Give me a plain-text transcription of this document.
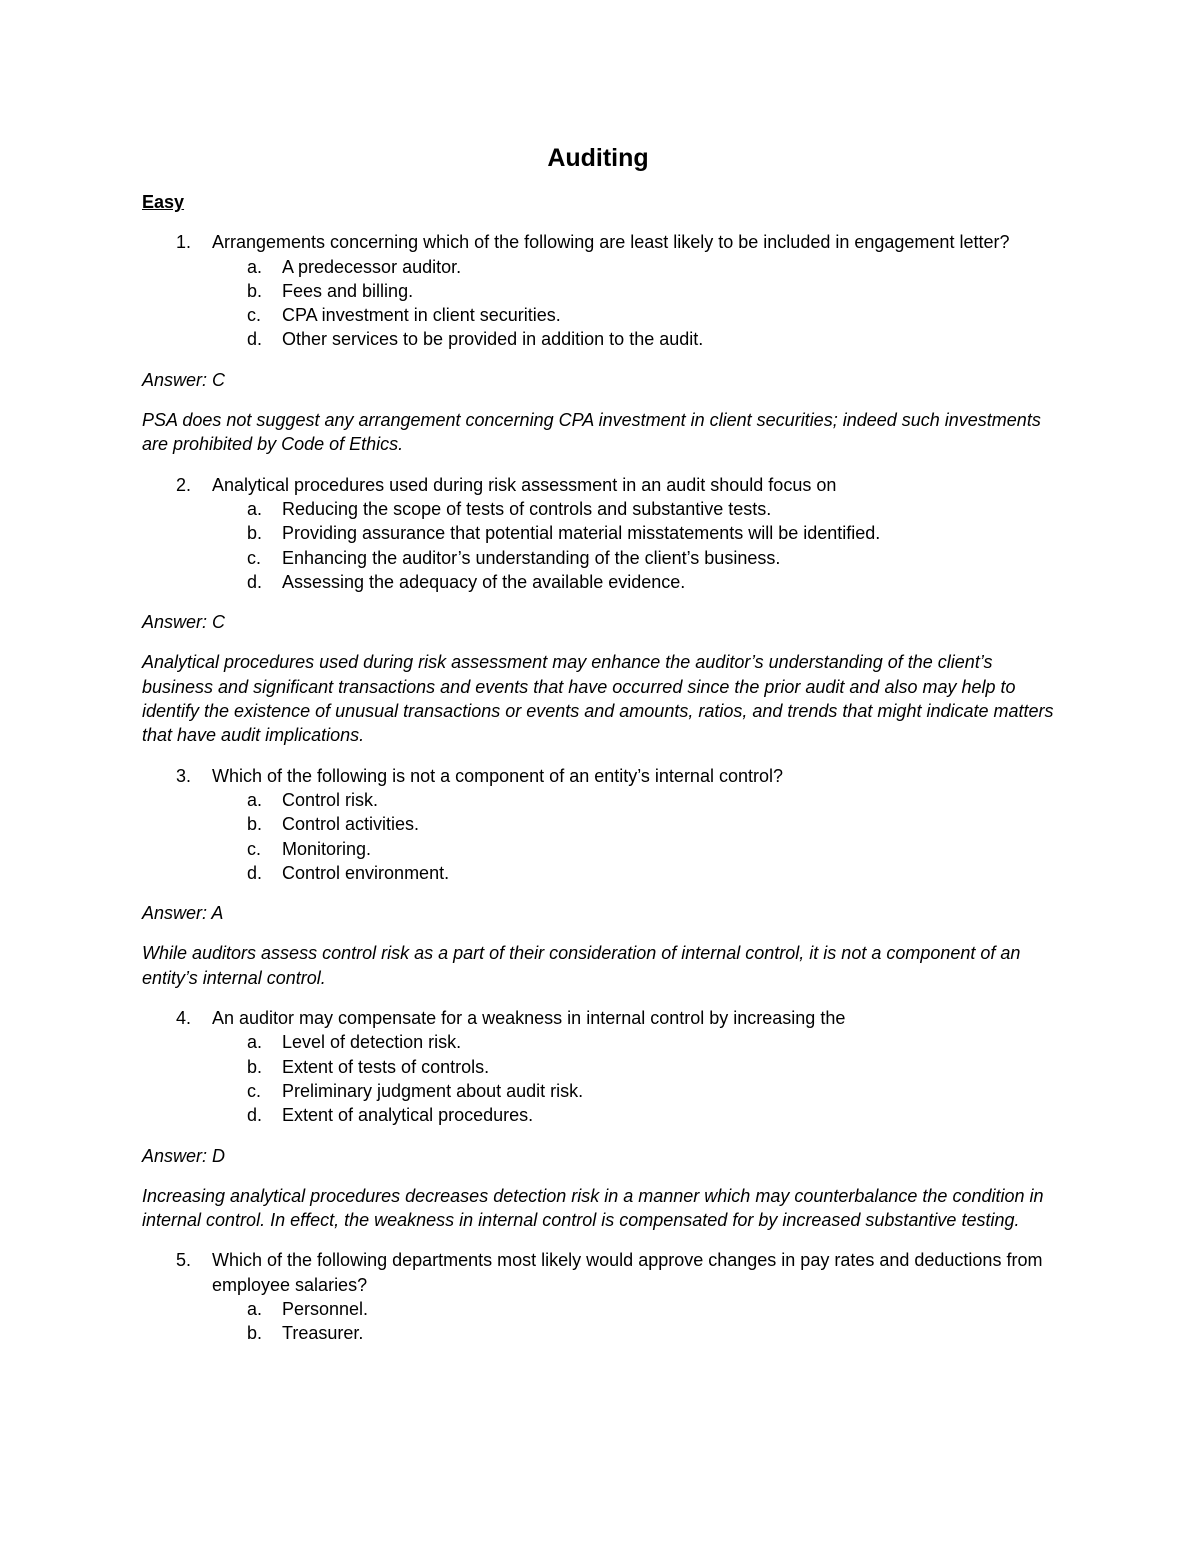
Auditing
Easy
1. Arrangements concerning which of the following are least likely to be included in engagement letter?
a. A predecessor auditor.
b. Fees and billing.
c. CPA investment in client securities.
d. Other services to be provided in addition to the audit.
Answer: C
PSA does not suggest any arrangement concerning CPA investment in client securities; indeed such investments are prohibited by Code of Ethics.
2. Analytical procedures used during risk assessment in an audit should focus on
a. Reducing the scope of tests of controls and substantive tests.
b. Providing assurance that potential material misstatements will be identified.
c. Enhancing the auditor’s understanding of the client’s business.
d. Assessing the adequacy of the available evidence.
Answer: C
Analytical procedures used during risk assessment may enhance the auditor’s understanding of the client’s business and significant transactions and events that have occurred since the prior audit and also may help to identify the existence of unusual transactions or events and amounts, ratios, and trends that might indicate matters that have audit implications.
3. Which of the following is not a component of an entity’s internal control?
a. Control risk.
b. Control activities.
c. Monitoring.
d. Control environment.
Answer: A
While auditors assess control risk as a part of their consideration of internal control, it is not a component of an entity’s internal control.
4. An auditor may compensate for a weakness in internal control by increasing the
a. Level of detection risk.
b. Extent of tests of controls.
c. Preliminary judgment about audit risk.
d. Extent of analytical procedures.
Answer: D
Increasing analytical procedures decreases detection risk in a manner which may counterbalance the condition in internal control. In effect, the weakness in internal control is compensated for by increased substantive testing.
5. Which of the following departments most likely would approve changes in pay rates and deductions from employee salaries?
a. Personnel.
b. Treasurer.
